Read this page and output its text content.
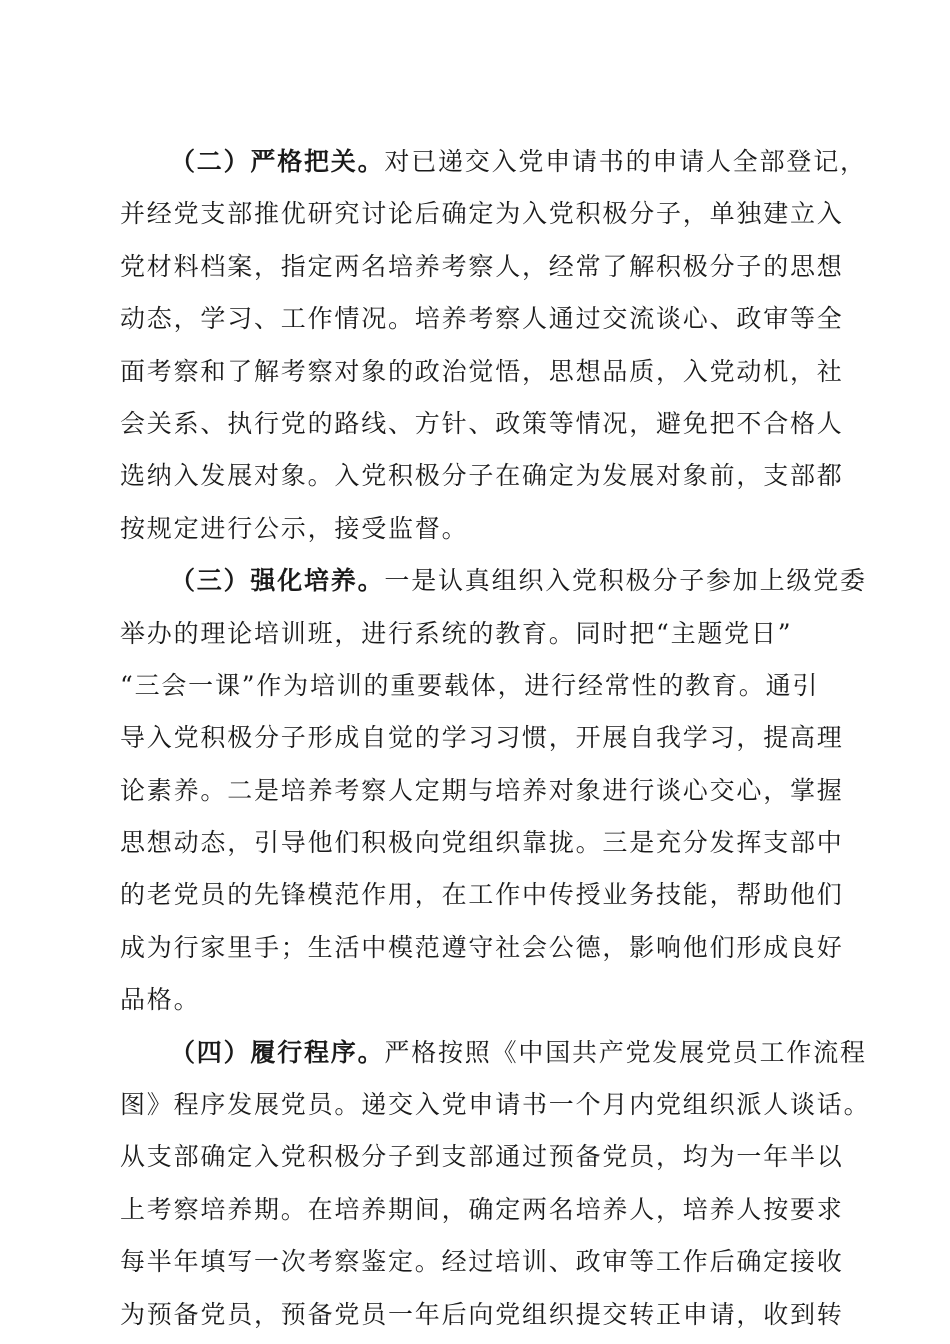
（二）严格把关。对已递交入党申请书的申请人全部登记，
并经党支部推优研究讨论后确定为入党积极分子，单独建立入
党材料档案，指定两名培养考察人，经常了解积极分子的思想
动态，学习、工作情况。培养考察人通过交流谈心、政审等全
面考察和了解考察对象的政治觉悟，思想品质，入党动机，社
会关系、执行党的路线、方针、政策等情况，避免把不合格人
选纳入发展对象。入党积极分子在确定为发展对象前，支部都
按规定进行公示，接受监督。
（三）强化培养。一是认真组织入党积极分子参加上级党委
举办的理论培训班，进行系统的教育。同时把“主题党日”
“三会一课”作为培训的重要载体，进行经常性的教育。通引
导入党积极分子形成自觉的学习习惯，开展自我学习，提高理
论素养。二是培养考察人定期与培养对象进行谈心交心，掌握
思想动态，引导他们积极向党组织靠拢。三是充分发挥支部中
的老党员的先锋模范作用，在工作中传授业务技能，帮助他们
成为行家里手；生活中模范遵守社会公德，影响他们形成良好
品格。
（四）履行程序。严格按照《中国共产党发展党员工作流程
图》程序发展党员。递交入党申请书一个月内党组织派人谈话。
从支部确定入党积极分子到支部通过预备党员，均为一年半以
上考察培养期。在培养期间，确定两名培养人，培养人按要求
每半年填写一次考察鉴定。经过培训、政审等工作后确定接收
为预备党员，预备党员一年后向党组织提交转正申请，收到转
